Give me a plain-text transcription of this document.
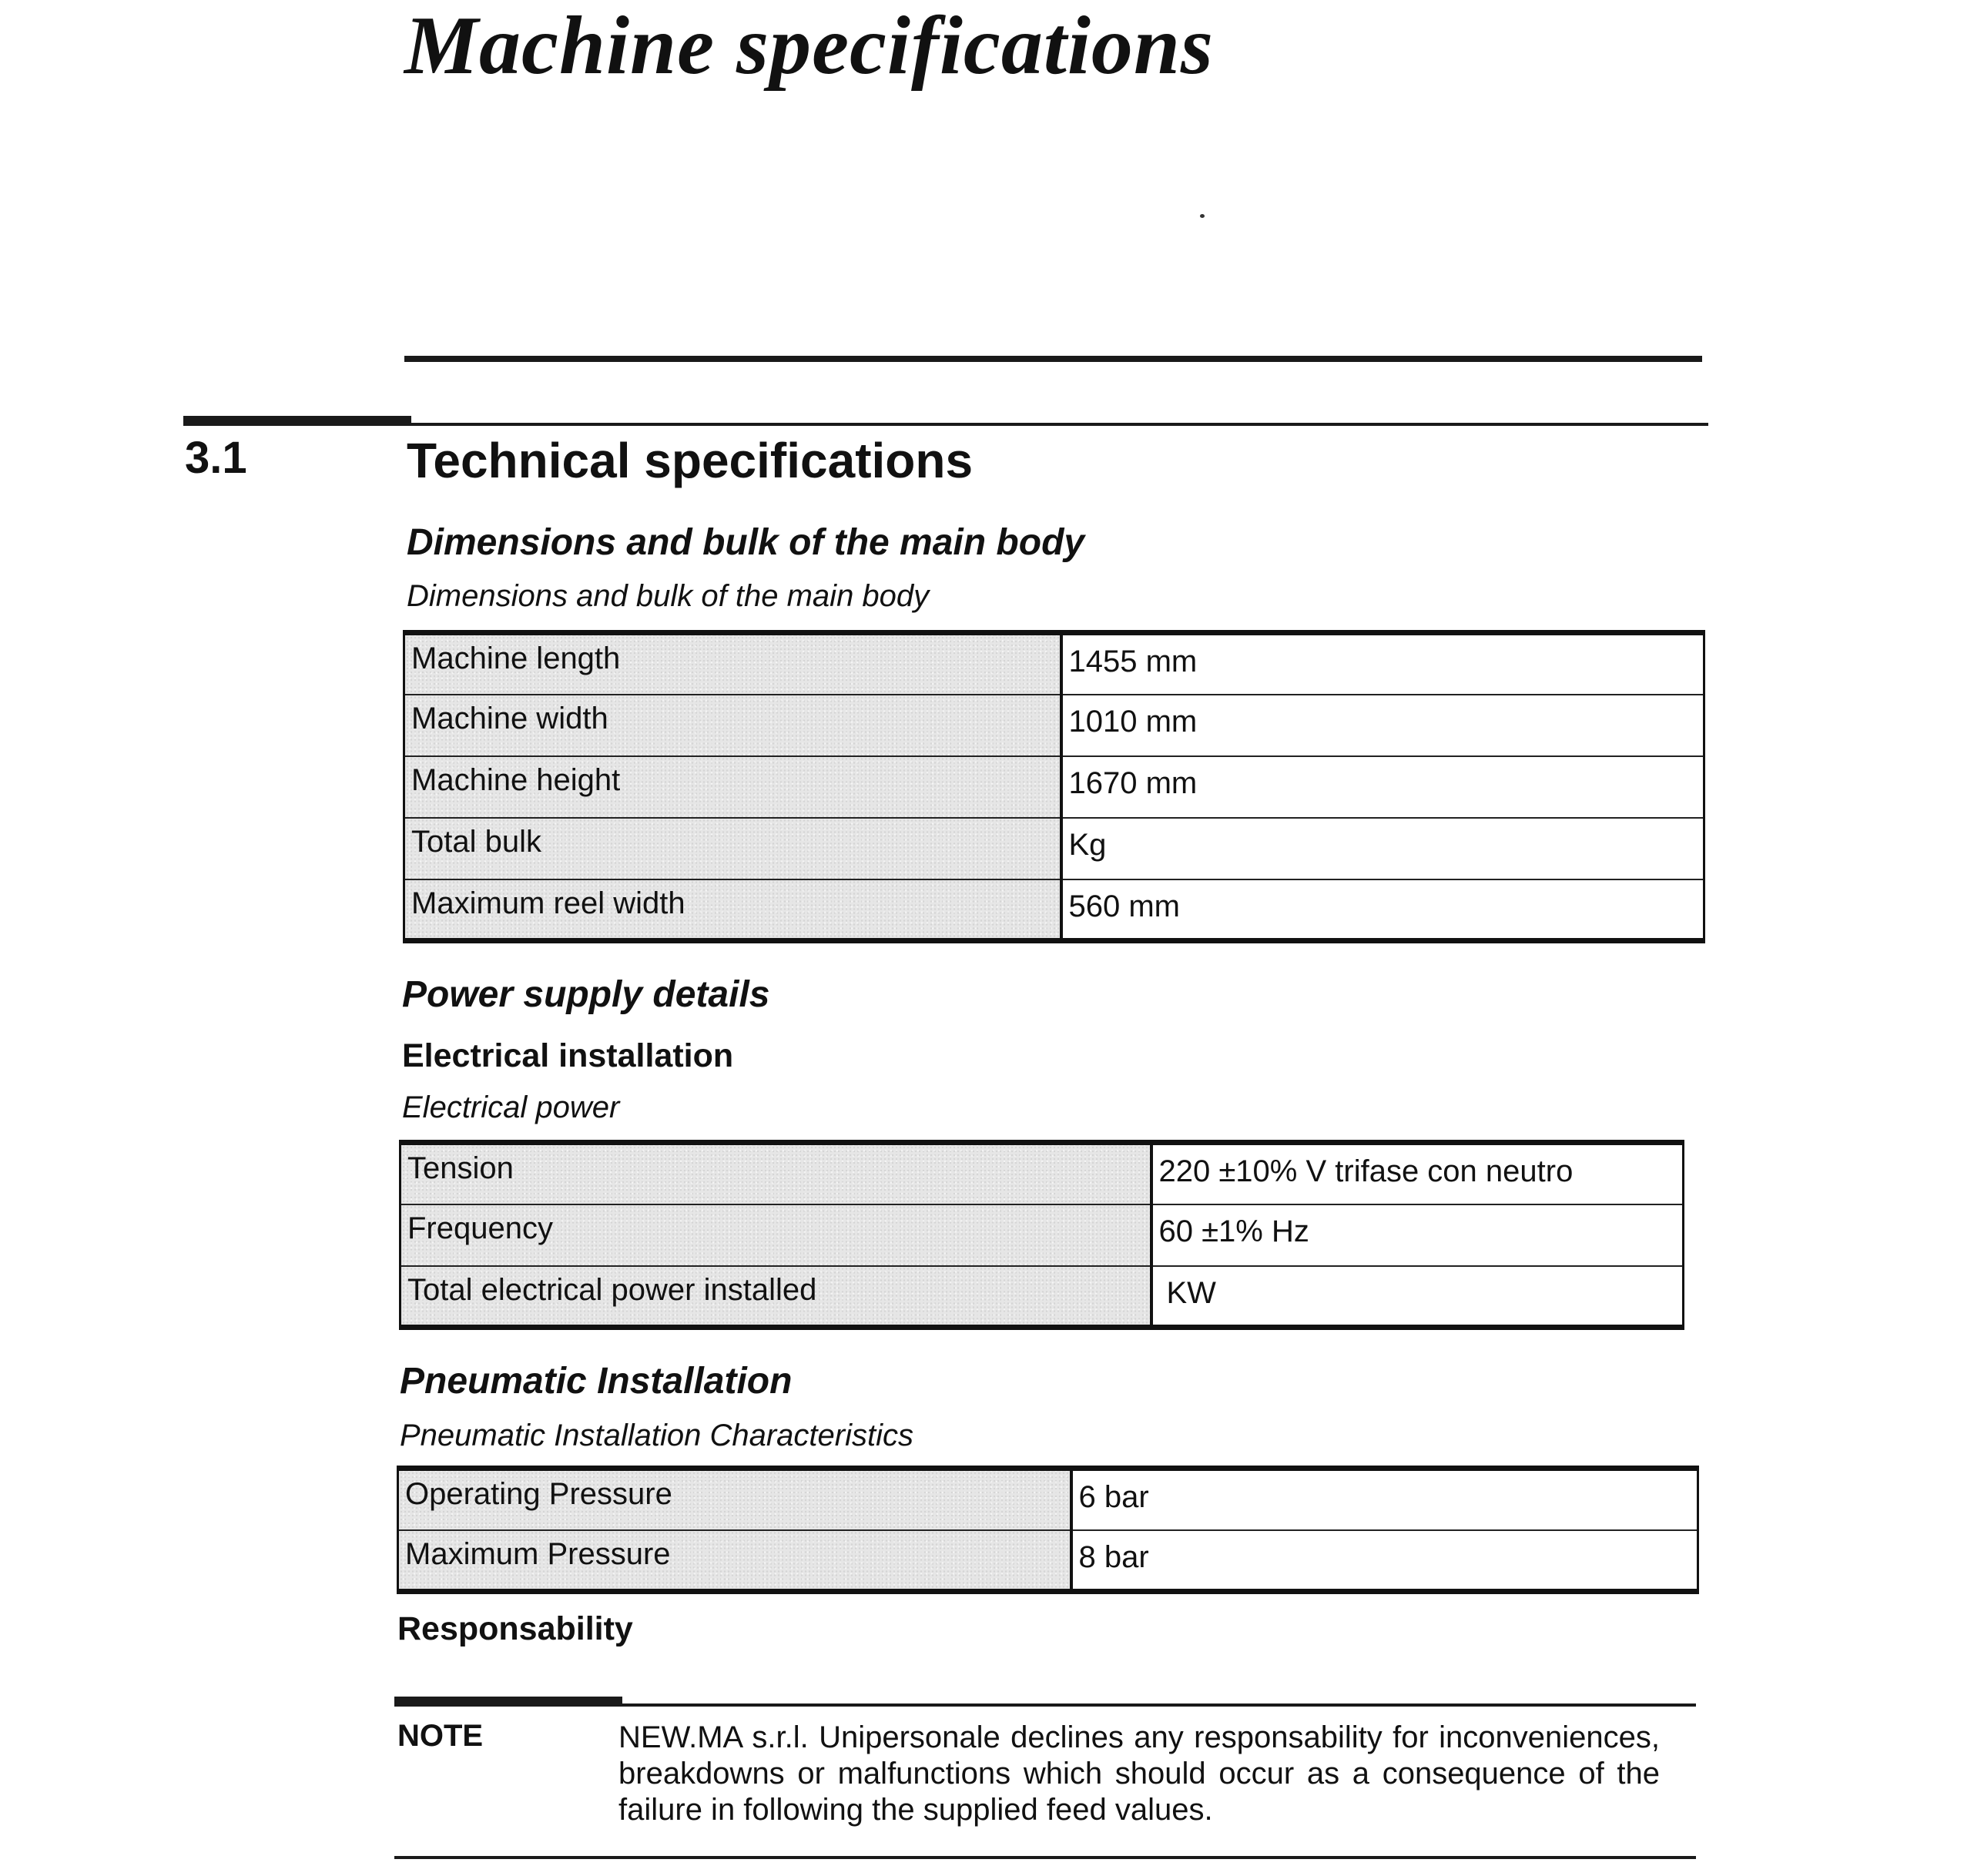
Machine specifications
3.1	Technical specifications
Dimensions and bulk of the main body
Dimensions and bulk of the main body
Machine length	1455 mm
Machine width	1010 mm
Machine height	1670 mm
Total bulk	Kg
Maximum reel width	560 mm
Power supply details
Electrical installation
Electrical power
Tension	220 ±10% V trifase con neutro
Frequency	60 ±1% Hz
Total electrical power installed	KW
Pneumatic Installation
Pneumatic Installation Characteristics
Operating Pressure	6 bar
Maximum Pressure	8 bar
Responsability
NOTE	NEW.MA s.r.l. Unipersonale declines any responsability for inconveniences, breakdowns or malfunctions which should occur as a consequence of the failure in following the supplied feed values.
